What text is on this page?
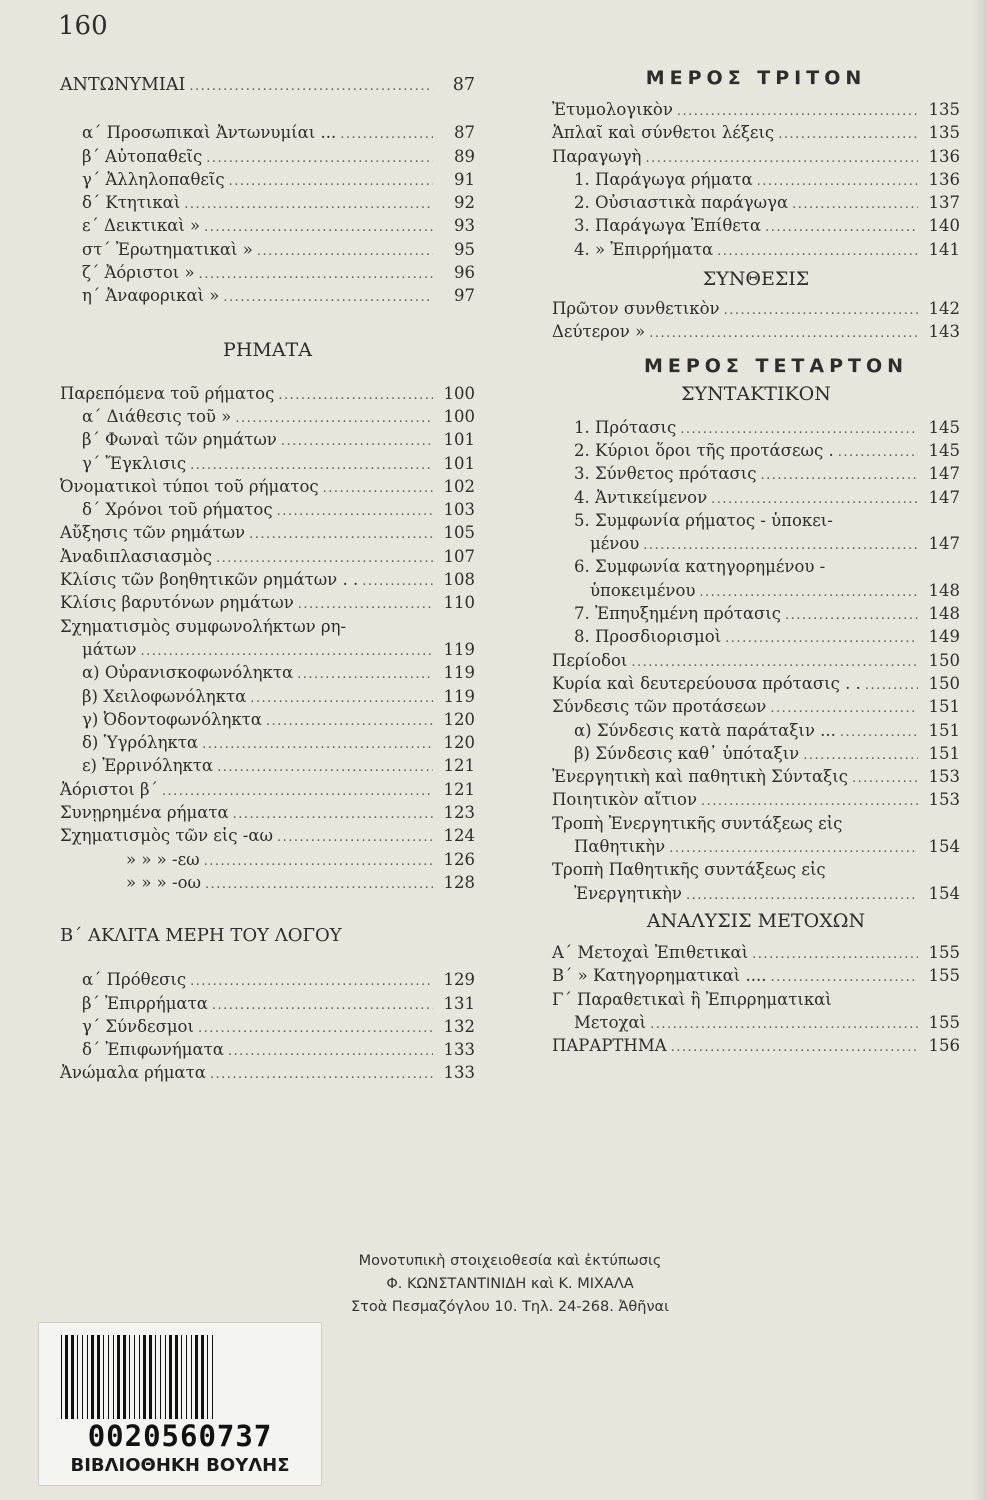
160
ΑΝΤΩΝΥΜΙΑΙ .....	87
α΄ Προσωπικαὶ Ἀντωνυμίαι ... .....	87
β΄ Αὐτοπαθεῖς .....	89
γ΄ Ἀλληλοπαθεῖς .....	91
δ΄ Κτητικαὶ .....	92
ε΄ Δεικτικαὶ » .....	93
στ΄ Ἐρωτηματικαὶ » .....	95
ζ΄ Ἀόριστοι » .....	96
η΄ Ἀναφορικαὶ » .....	97
ΡΗΜΑΤΑ
Παρεπόμενα τοῦ ρήματος .....	100
α΄ Διάθεσις τοῦ » .....	100
β΄ Φωναὶ τῶν ρημάτων .....	101
γ΄ Ἔγκλισις .....	101
Ὀνοματικοὶ τύποι τοῦ ρήματος .....	102
δ΄ Χρόνοι τοῦ ρήματος .....	103
Αὔξησις τῶν ρημάτων .....	105
Ἀναδιπλασιασμὸς .....	107
Κλίσις τῶν βοηθητικῶν ρημάτων . . .....	108
Κλίσις βαρυτόνων ρημάτων .....	110
Σχηματισμὸς συμφωνολήκτων ρη-
μάτων .....	119
α) Οὐρανισκοφωνόληκτα .....	119
β) Χειλοφωνόληκτα .....	119
γ) Ὀδοντοφωνόληκτα .....	120
δ) Ὑγρόληκτα .....	120
ε) Ἐρρινόληκτα .....	121
Ἀόριστοι β΄ .....	121
Συνῃρημένα ρήματα .....	123
Σχηματισμὸς τῶν εἰς -αω .....	124
» » » -εω .....	126
» » » -οω .....	128
Β΄ ΑΚΛΙΤΑ ΜΕΡΗ ΤΟΥ ΛΟΓΟΥ
α΄ Πρόθεσις .....	129
β΄ Ἐπιρρήματα .....	131
γ΄ Σύνδεσμοι .....	132
δ΄ Ἐπιφωνήματα .....	133
Ἀνώμαλα ρήματα .....	133
ΜΕΡΟΣ ΤΡΙΤΟΝ
Ἐτυμολογικὸν .....	135
Ἁπλαῖ καὶ σύνθετοι λέξεις .....	135
Παραγωγὴ .....	136
1. Παράγωγα ρήματα .....	136
2. Οὐσιαστικὰ παράγωγα .....	137
3. Παράγωγα Ἐπίθετα .....	140
4. » Ἐπιρρήματα .....	141
ΣΥΝΘΕΣΙΣ
Πρῶτον συνθετικὸν .....	142
Δεύτερον » .....	143
ΜΕΡΟΣ ΤΕΤΑΡΤΟΝ
ΣΥΝΤΑΚΤΙΚΟΝ
1. Πρότασις .....	145
2. Κύριοι ὅροι τῆς προτάσεως . .....	145
3. Σύνθετος πρότασις .....	147
4. Ἀντικείμενον .....	147
5. Συμφωνία ρήματος - ὑποκει-
μένου .....	147
6. Συμφωνία κατηγορημένου -
ὑποκειμένου .....	148
7. Ἐπηυξημένη πρότασις .....	148
8. Προσδιορισμοὶ .....	149
Περίοδοι .....	150
Κυρία καὶ δευτερεύουσα πρότασις . . .....	150
Σύνδεσις τῶν προτάσεων .....	151
α) Σύνδεσις κατὰ παράταξιν ... .....	151
β) Σύνδεσις καθ᾿ ὑπόταξιν .....	151
Ἐνεργητικὴ καὶ παθητικὴ Σύνταξις .....	153
Ποιητικὸν αἴτιον .....	153
Τροπὴ Ἐνεργητικῆς συντάξεως εἰς
Παθητικὴν .....	154
Τροπὴ Παθητικῆς συντάξεως εἰς
Ἐνεργητικὴν .....	154
ΑΝΑΛΥΣΙΣ ΜΕΤΟΧΩΝ
Α΄ Μετοχαὶ Ἐπιθετικαὶ .....	155
Β΄ » Κατηγορηματικαὶ .... .....	155
Γ΄ Παραθετικαὶ ἢ Ἐπιρρηματικαὶ
Μετοχαὶ .....	155
ΠΑΡΑΡΤΗΜΑ .....	156
Μονοτυπικὴ στοιχειοθεσία καὶ ἐκτύπωσις
Φ. ΚΩΝΣΤΑΝΤΙΝΙΔΗ καὶ Κ. ΜΙΧΑΛΑ
Στοὰ Πεσμαζόγλου 10. Τηλ. 24-268. Ἀθῆναι
0020560737
ΒΙΒΛΙΟΘΗΚΗ ΒΟΥΛΗΣ
